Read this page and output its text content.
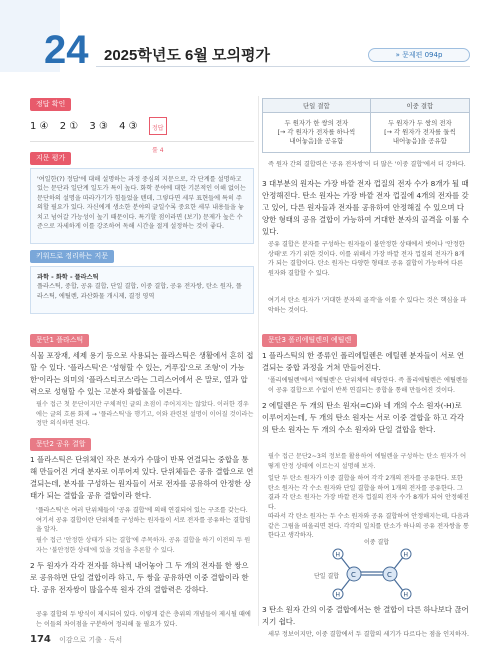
24 2025학년도 6월 모의평가	» 문제편 094p
정답 확인
1 ④ 2 ① 3 ③ 4 ③ 정답률 4
지문 평가
'여일한(?) 정답'에 대해 설명하는 과정 중심의 지문으로, 각 단계를 설명하고 있는 문단과 일단계 일도가 특이 높다. 화학 분야에 대한 기본적인 이해 없이는 문단하의 설명을 따라가기가 힘들었을 텐데, 그렇다면 세부 표현들에 특히 주의할 필요가 있다. 자신에게 생소한 분야의 글일수록 중요한 세부 내용들을 놓치고 넘어갈 가능성이 높기 때문이다. 특기할 점이라면 (보기) 문제가 높은 수준으로 자세하게 이를 강조하여 독해 시간을 절게 설정하는 것이 좋다.
키워드로 정리하는 지문
과학 - 화학 - 플라스틱
플라스틱, 중합, 공유 결합, 단일 결합, 이중 결합, 공유 전자쌍, 탄소 원자, 플라스틱, 에틸렌, 과산화물 개시제, 결정 영역
문단1 플라스틱
식물 포장재, 세제 용기 등으로 사용되는 플라스틱은 생활에서 흔히 접할 수 있다. '플라스틱'은 '성형할 수 있는, 거푸집'으로 조형'이 가능한'이라는 의미의 '플라스티코스'라는 그리스어에서 온 말로, 열과 압력으로 성형할 수 있는 고분자 화합물을 이른다.
필수 접근 첫 문단이지만 구체적인 글의 초점이 주어지지는 않았다. 이러한 경우에는 글의 흐름 화제 → '플라스틱'을 행기고, 이와 관련된 설명이 이어질 것이라는 정만 의식하면 된다.
문단2 공유 결합
1 플라스틱은 단위체인 작은 분자가 수많이 반복 연결되는 중합을 통해 만들어진 거대 분자로 이루어져 있다. 단위체들은 공유 결합으로 연결되는데, 분자를 구성하는 원자들이 서로 전자를 공유하여 안정한 상태가 되는 결합을 공유 결합이라 한다.
'플라스틱'은 여러 단위체들이 '공유 결합'에 의해 연결되어 있는 구조를 갖는다. 여기서 공유 결합이란 단위체를 구성하는 원자들이 서로 전자를 공유하는 결합임을 알자.
필수 접근 '안정한 상태가 되는 결합'에 주목하자. 공유 결합을 하기 이전의 두 원자는 '불안정한 상태'에 있을 것임을 추론할 수 있다.
2 두 원자가 각각 전자를 하나씩 내어놓아 그 두 개의 전자를 한 쌍으로 공유하면 단일 결합이라 하고, 두 쌍을 공유하면 이중 결합이라 한다. 공유 전자쌍이 많을수록 원자 간의 결합력은 강하다.
공유 결합의 두 방식이 제시되어 있다. 이렇게 같은 층위의 개념들이 제시될 때에는 이들의 차이점을 구분하여 정리해 둘 필요가 있다.
단일 결합	이중 결합
두 원자가 한 쌍의 전자
[→ 각 원자가 전자를 하나씩
내어놓음]을 공유함	두 원자가 두 쌍의 전자
[→ 각 원자가 전자를 둘씩
내어놓음]을 공유함
즉 원자 간의 결합력은 '공유 전자쌍'이 더 많은 '이중 결합'에서 더 강하다.
3 대부분의 원자는 가장 바깥 전자 껍질의 전자 수가 8개가 될 때 안정해진다. 탄소 원자는 가장 바깥 전자 껍질에 4개의 전자를 갖고 있어, 다른 원자들과 전자를 공유하여 안정해질 수 있으며 다양한 형태의 공유 결합이 가능하여 거대한 분자의 골격을 이룰 수 있다.
공유 결합은 분자를 구성하는 원자들이 불안정한 상태에서 벗어나 '안정한 상태'로 가기 위한 것이다. 이를 위해서 가장 바깥 전자 껍질의 전자가 8개가 되는 결합이다. 탄소 원자는 다양한 형태로 공유 결합이 가능하여 다른 원자와 결합할 수 있다.
여기서 탄소 원자가 '거대한 분자의 골격'을 이룰 수 있다는 것은 핵심을 파악하는 것이다.
문단3 폴리에틸렌의 예틸렌
1 플라스틱의 한 종류인 폴리에틸렌은 에틸렌 분자들이 서로 연결되는 중합 과정을 거쳐 만들어진다.
'폴리에틸렌'에서 '에틸렌'은 단위체에 해당한다. 즉 폴리에틸렌은 에틸렌들이 공유 결합으로 수없이 반복 연결되는 중합을 통해 만들어진 것이다.
2 에틸렌은 두 개의 탄소 원자(=C)와 네 개의 수소 원자(-H)로 이루어지는데, 두 개의 탄소 원자는 서로 이중 결합을 하고 각각의 탄소 원자는 두 개의 수소 원자와 단일 결합을 한다.
필수 접근 문단2~3의 정보를 활용하여 에틸렌을 구성하는 탄소 원자가 어떻게 안정 상태에 이르는지 설명해 보자.
일단 두 탄소 원자가 이중 결합을 하여 각각 2개의 전자를 공유한다. 또한 탄소 원자는 각 수소 원자와 단일 결합을 하여 1개의 전자를 공유한다. 그 결과 각 탄소 원자는 가장 바깥 전자 껍질의 전자 수가 8개가 되어 안정해진다.
따라서 각 탄소 원자는 두 수소 원자와 공유 결합하여 안정해지는데, 다음과 같은 그림을 떠올리면 된다. 각각의 일치를 탄소가 하나의 공유 전자쌍을 통한다고 생각하자.
이중 결합
단일 결합 C	C
H
H
H
H
3 탄소 원자 간의 이중 결합에서는 한 결합이 다른 하나보다 끊어지기 쉽다.
세부 정보이지만, 이중 결합에서 두 결합의 세기가 다르다는 점을 인지하자.
174 이감으로 기출 · 독서
